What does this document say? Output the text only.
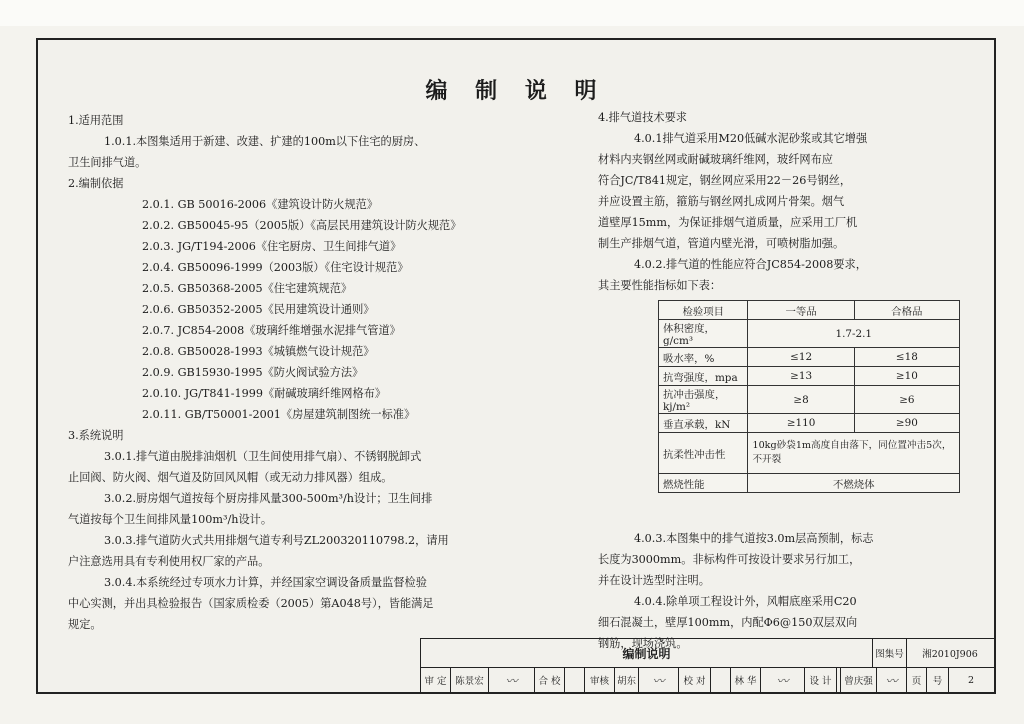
编 制 说 明

1.适用范围

1.0.1.本图集适用于新建、改建、扩建的100m以下住宅的厨房、

卫生间排气道。

2.编制依据

2.0.1. GB 50016-2006《建筑设计防火规范》

2.0.2. GB50045-95（2005版）《高层民用建筑设计防火规范》

2.0.3. JG/T194-2006《住宅厨房、卫生间排气道》

2.0.4. GB50096-1999（2003版）《住宅设计规范》

2.0.5. GB50368-2005《住宅建筑规范》

2.0.6. GB50352-2005《民用建筑设计通则》

2.0.7. JC854-2008《玻璃纤维增强水泥排气管道》

2.0.8. GB50028-1993《城镇燃气设计规范》

2.0.9. GB15930-1995《防火阀试验方法》

2.0.10. JG/T841-1999《耐碱玻璃纤维网格布》

2.0.11. GB/T50001-2001《房屋建筑制图统一标准》

3.系统说明

3.0.1.排气道由脱排油烟机（卫生间使用排气扇）、不锈钢脱卸式

止回阀、防火阀、烟气道及防回风风帽（或无动力排风器）组成。

3.0.2.厨房烟气道按每个厨房排风量300-500m³/h设计；卫生间排

气道按每个卫生间排风量100m³/h设计。

3.0.3.排气道防火式共用排烟气道专利号ZL200320110798.2，请用

户注意选用具有专利使用权厂家的产品。

3.0.4.本系统经过专项水力计算，并经国家空调设备质量监督检验

中心实测，并出具检验报告（国家质检委（2005）第A048号），皆能满足

规定。

4.排气道技术要求

4.0.1排气道采用M20低碱水泥砂浆或其它增强

材料内夹钢丝网或耐碱玻璃纤维网，玻纤网布应

符合JC/T841规定，钢丝网应采用22－26号钢丝，

并应设置主筋，箍筋与钢丝网扎成网片骨架。烟气

道壁厚15mm，为保证排烟气道质量，应采用工厂机

制生产排烟气道，管道内壁光滑，可喷树脂加强。

4.0.2.排气道的性能应符合JC854-2008要求，

其主要性能指标如下表：

检验项目	一等品	合格品
体积密度，g/cm³	1.7-2.1	
吸水率，%	≤12	≤18
抗弯强度，mpa	≥13	≥10
抗冲击强度，kj/m²	≥8	≥6
垂直承载，kN	≥110	≥90
抗柔性冲击性	10kg砂袋1m高度自由落下，同位置冲击5次，不开裂	
燃烧性能	不燃烧体	

4.0.3.本图集中的排气道按3.0m层高预制，标志

长度为3000mm。非标构件可按设计要求另行加工，

并在设计选型时注明。

4.0.4.除单项工程设计外，风帽底座采用C20

细石混凝土，壁厚100mm，内配Φ6@150双层双向

钢筋，现场浇筑。

编制说明	图集号	湘2010J906
审 定 陈景宏	〰	合 校	审核 胡东	〰	校 对	林 华	〰	设 计	曾庆强	〰	页	号	2
